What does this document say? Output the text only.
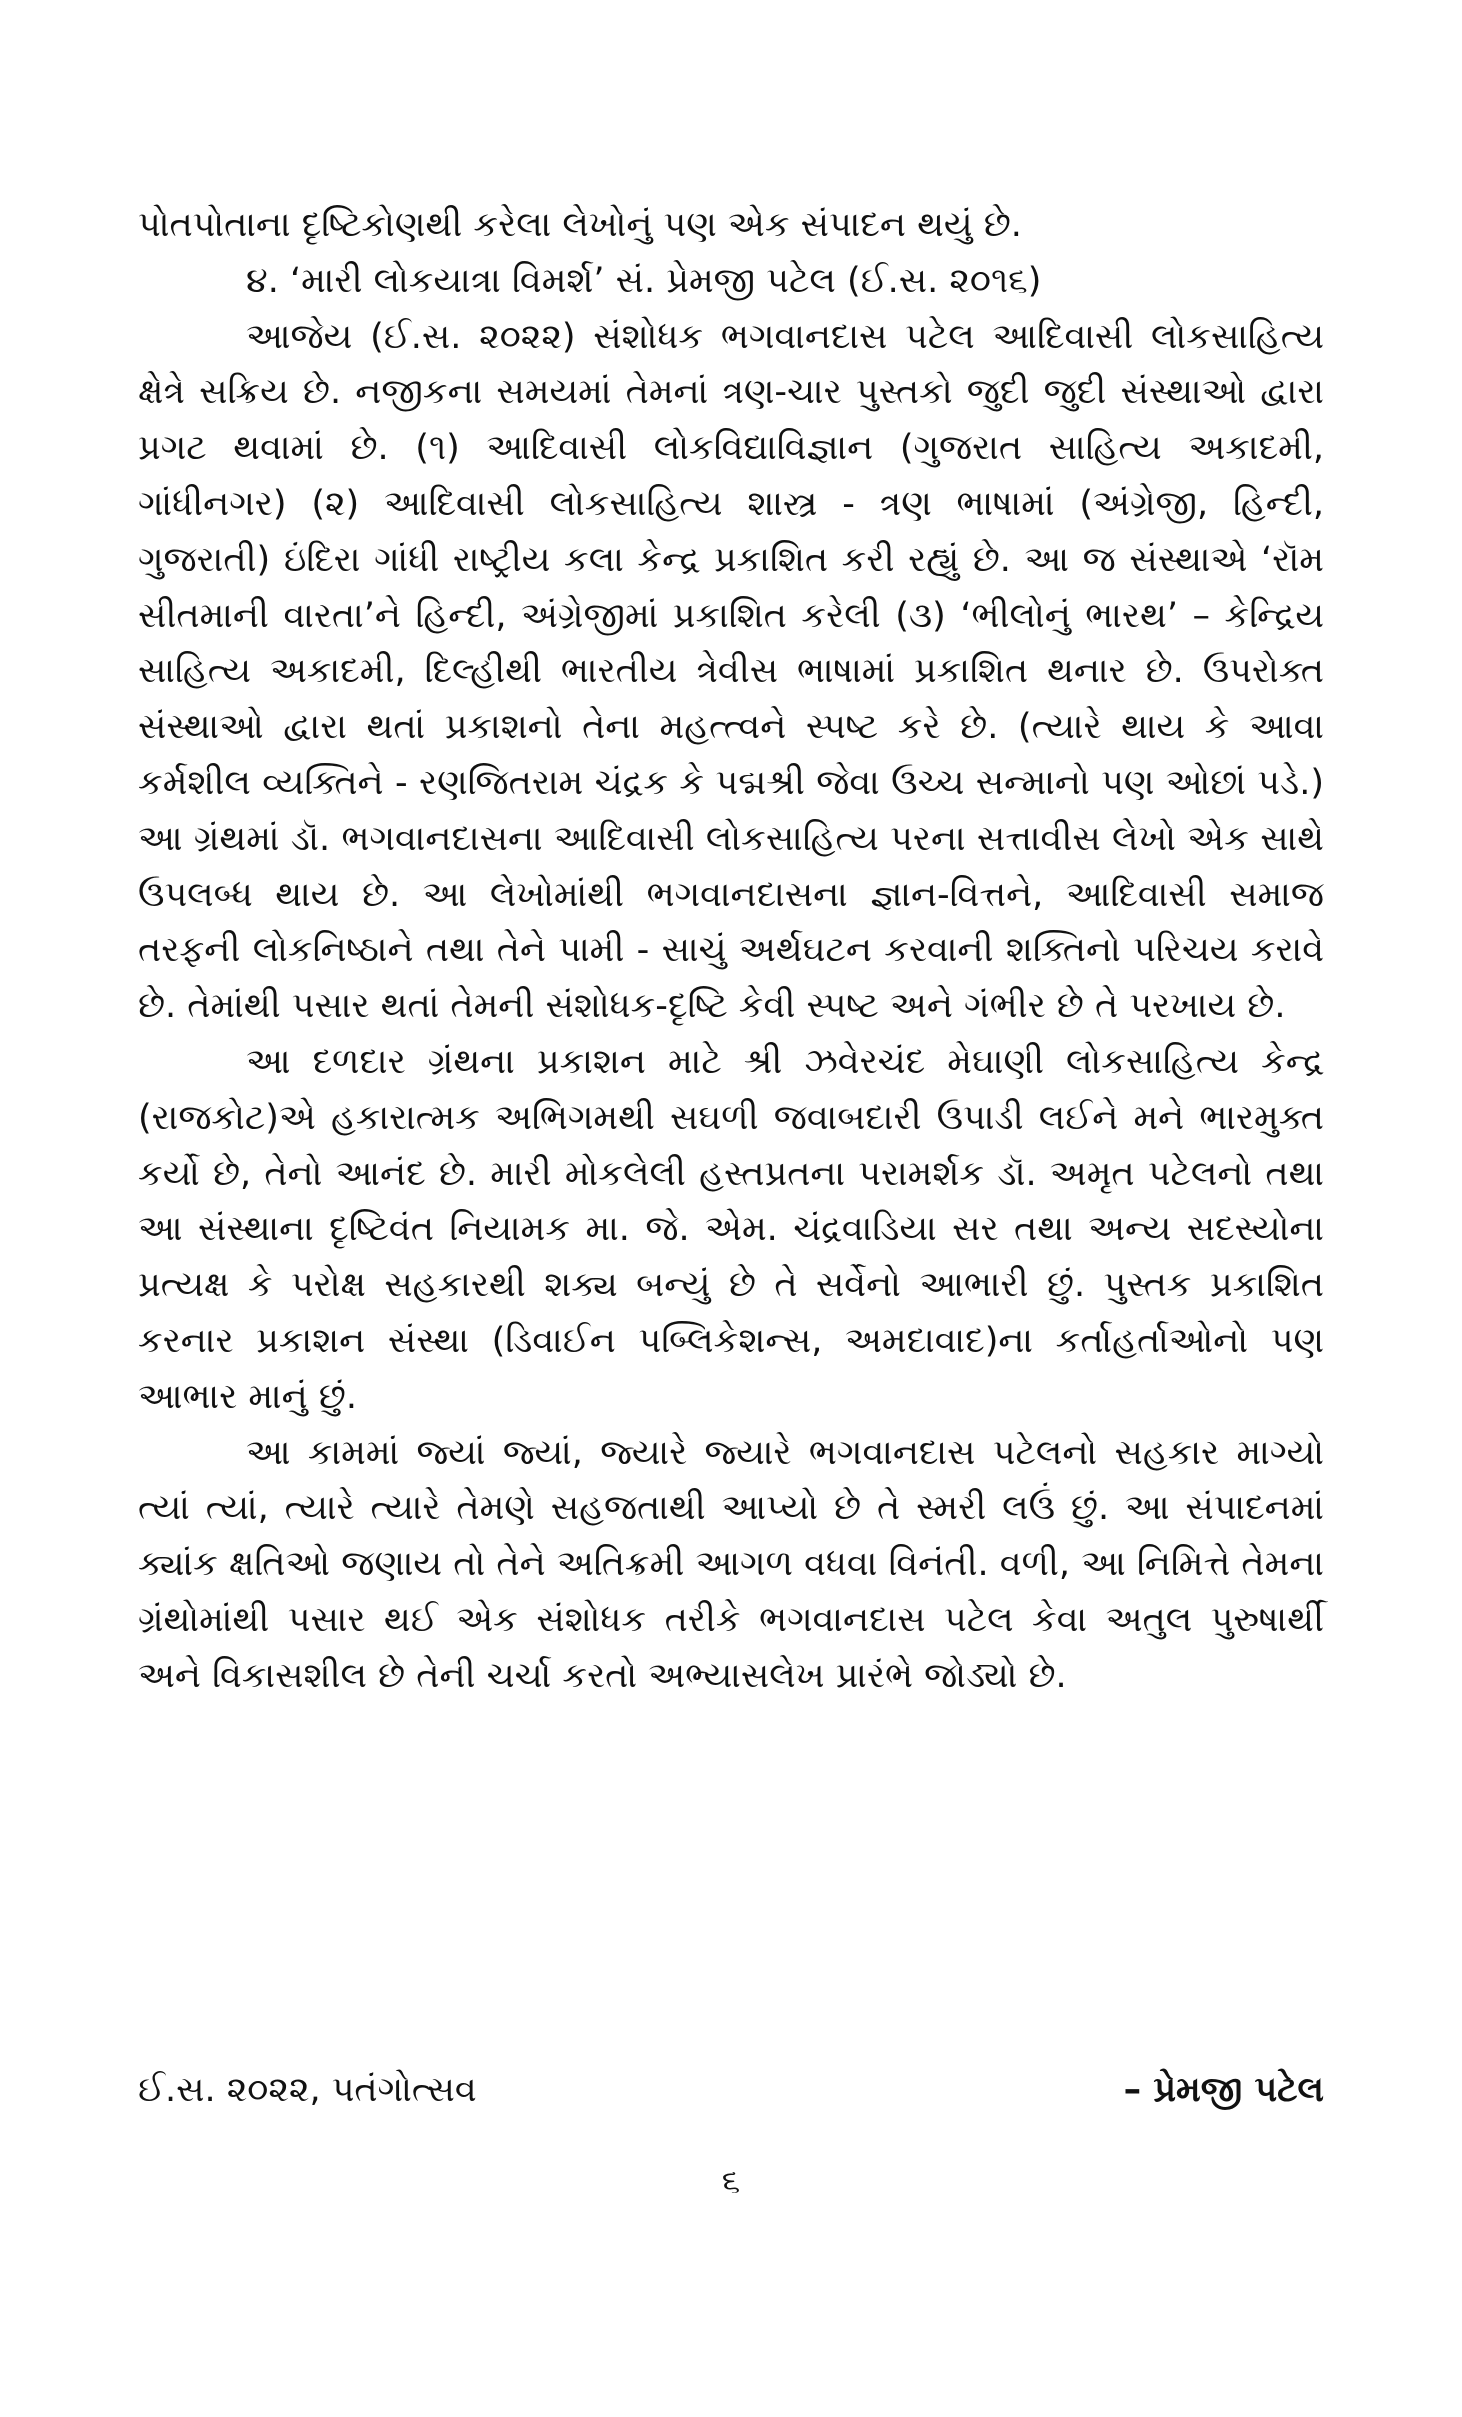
પોતપોતાના દૃષ્ટિકોણથી કરેલા લેખોનું પણ એક સંપાદન થયું છે.

૪. ‘મારી લોકયાત્રા વિમર્શ’ સં. પ્રેમજી પટેલ (ઈ.સ. ૨૦૧૬)

આજેય (ઈ.સ. ૨૦૨૨) સંશોધક ભગવાનદાસ પટેલ આદિવાસી લોકસાહિત્ય ક્ષેત્રે સક્રિય છે. નજીકના સમયમાં તેમનાં ત્રણ-ચાર પુસ્તકો જુદી જુદી સંસ્થાઓ દ્વારા પ્રગટ થવામાં છે. (૧) આદિવાસી લોકવિદ્યાવિજ્ઞાન (ગુજરાત સાહિત્ય અકાદમી, ગાંધીનગર) (૨) આદિવાસી લોકસાહિત્ય શાસ્ત્ર - ત્રણ ભાષામાં (અંગ્રેજી, હિન્દી, ગુજરાતી) ઇંદિરા ગાંધી રાષ્ટ્રીય કલા કેન્દ્ર પ્રકાશિત કરી રહ્યું છે. આ જ સંસ્થાએ ‘રૉમ સીતમાની વારતા’ને હિન્દી, અંગ્રેજીમાં પ્રકાશિત કરેલી (૩) ‘ભીલોનું ભારથ’ – કેન્દ્રિય સાહિત્ય અકાદમી, દિલ્હીથી ભારતીય ત્રેવીસ ભાષામાં પ્રકાશિત થનાર છે. ઉપરોક્ત સંસ્થાઓ દ્વારા થતાં પ્રકાશનો તેના મહત્ત્વને સ્પષ્ટ કરે છે. (ત્યારે થાય કે આવા કર્મશીલ વ્યક્તિને - રણજિતરામ ચંદ્રક કે પદ્મશ્રી જેવા ઉચ્ચ સન્માનો પણ ઓછાં પડે.) આ ગ્રંથમાં ડૉ. ભગવાનદાસના આદિવાસી લોકસાહિત્ય પરના સત્તાવીસ લેખો એક સાથે ઉપલબ્ધ થાય છે. આ લેખોમાંથી ભગવાનદાસના જ્ઞાન-વિત્તને, આદિવાસી સમાજ તરફની લોકનિષ્ઠાને તથા તેને પામી - સાચું અર્થઘટન કરવાની શક્તિનો પરિચય કરાવે છે. તેમાંથી પસાર થતાં તેમની સંશોધક-દૃષ્ટિ કેવી સ્પષ્ટ અને ગંભીર છે તે પરખાય છે.

આ દળદાર ગ્રંથના પ્રકાશન માટે શ્રી ઝવેરચંદ મેઘાણી લોકસાહિત્ય કેન્દ્ર (રાજકોટ)એ હકારાત્મક અભિગમથી સઘળી જવાબદારી ઉપાડી લઈને મને ભારમુક્ત કર્યો છે, તેનો આનંદ છે. મારી મોકલેલી હસ્તપ્રતના પરામર્શક ડૉ. અમૃત પટેલનો તથા આ સંસ્થાના દૃષ્ટિવંત નિયામક મા. જે. એમ. ચંદ્રવાડિયા સર તથા અન્ય સદસ્યોના પ્રત્યક્ષ કે પરોક્ષ સહકારથી શક્ય બન્યું છે તે સર્વેનો આભારી છું. પુસ્તક પ્રકાશિત કરનાર પ્રકાશન સંસ્થા (ડિવાઈન પબ્લિકેશન્સ, અમદાવાદ)ના કર્તાહર્તાઓનો પણ આભાર માનું છું.

આ કામમાં જ્યાં જ્યાં, જ્યારે જ્યારે ભગવાનદાસ પટેલનો સહકાર માગ્યો ત્યાં ત્યાં, ત્યારે ત્યારે તેમણે સહજતાથી આપ્યો છે તે સ્મરી લઉં છું. આ સંપાદનમાં ક્યાંક ક્ષતિઓ જણાય તો તેને અતિક્રમી આગળ વધવા વિનંતી. વળી, આ નિમિત્તે તેમના ગ્રંથોમાંથી પસાર થઈ એક સંશોધક તરીકે ભગવાનદાસ પટેલ કેવા અતુલ પુરુષાર્થી અને વિકાસશીલ છે તેની ચર્ચા કરતો અભ્યાસલેખ પ્રારંભે જોડ્યો છે.

ઈ.સ. ૨૦૨૨, પતંગોત્સવ	– પ્રેમજી પટેલ
૬
